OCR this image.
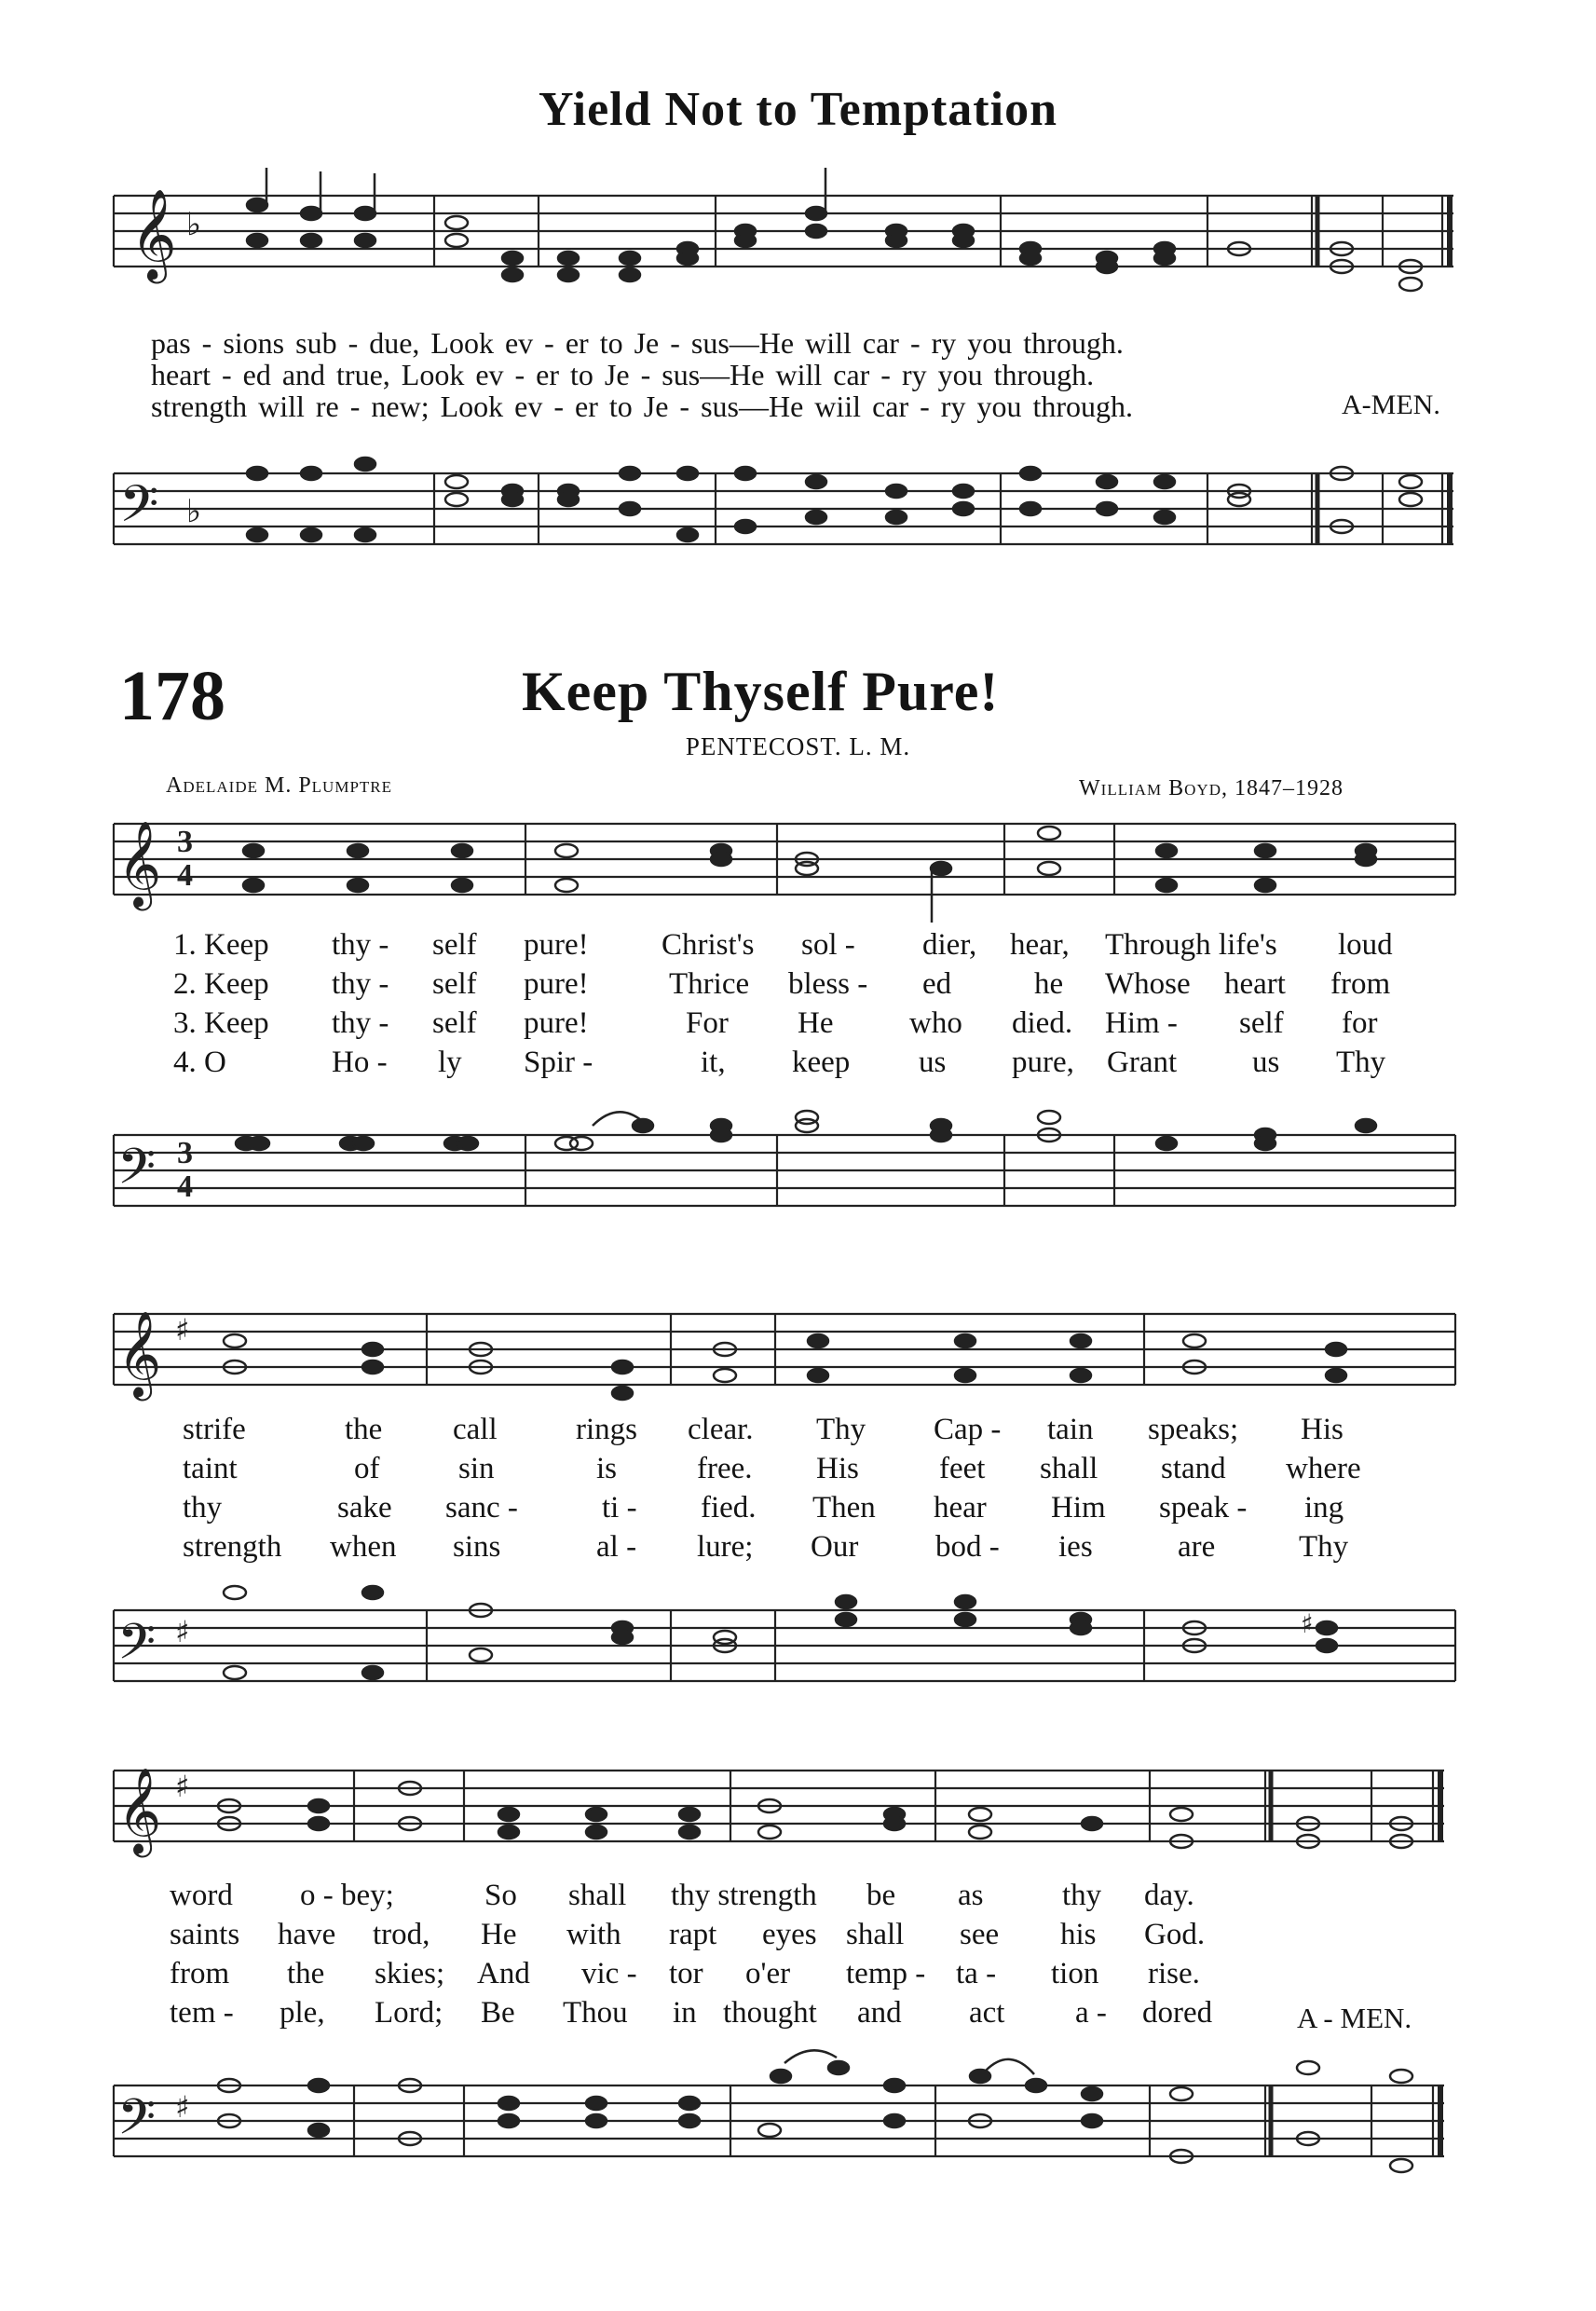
Yield Not to Temptation
𝄞 ♭
pas - sions sub - due, Look ev - er to Je - sus—He will car - ry you through.
heart - ed and true, Look ev - er to Je - sus—He will car - ry you through.
strength will re - new; Look ev - er to Je - sus—He wiil car - ry you through.	A-MEN.
𝄢 ♭
178	Keep Thyself Pure!
PENTECOST. L. M.
Adelaide M. Plumptre	William Boyd, 1847–1928
𝄞 3
4
1. Keep thy - self pure! Christ's sol - dier, hear, Through life's loud
2. Keep thy - self pure!	Thrice bless - ed	he Whose heart from
3. Keep thy - self pure!	For He who died. Him - self for
4. O	Ho - ly Spir -	it, keep us pure, Grant us Thy
𝄢 3
4
𝄞 ♯
strife	the call	rings clear. Thy Cap - tain speaks; His
taint	of	sin	is	free. His	feet shall stand where
thy	sake sanc -	ti - fied. Then hear Him speak - ing
strength when sins	al - lure; Our	bod - ies	are	Thy
𝄢 ♯	♯
𝄞 ♯
word o - bey;	So shall thy strength be as	thy day.
saints have trod, He with rapt eyes shall see his God.
from the skies; And vic - tor o'er temp - ta - tion rise.
tem - ple, Lord; Be Thou in thought and act a - dored	A - MEN.
𝄢 ♯
